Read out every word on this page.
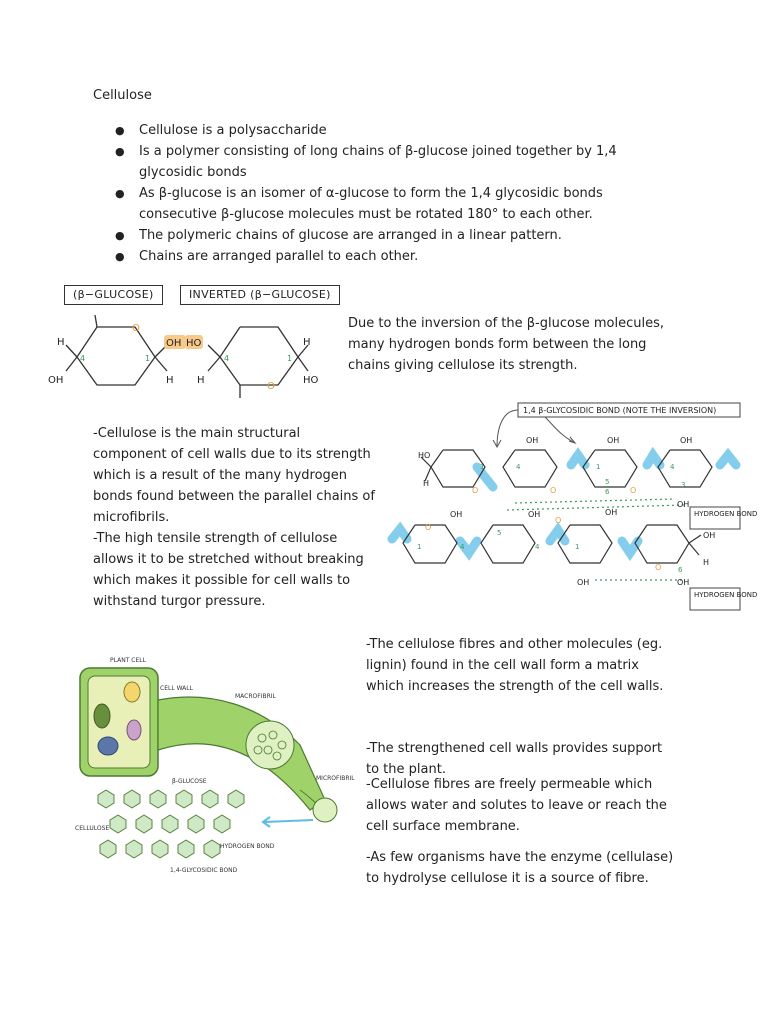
Cellulose
● Cellulose is a polysaccharide
● Is a polymer consisting of long chains of β-glucose joined together by 1,4 glycosidic bonds
● As β-glucose is an isomer of α-glucose to form the 1,4 glycosidic bonds consecutive β-glucose molecules must be rotated 180° to each other.
● The polymeric chains of glucose are arranged in a linear pattern.
● Chains are arranged parallel to each other.
(β−GLUCOSE)	INVERTED (β−GLUCOSE)
O
H
OH
4	1
OH HO
H H
4	1
O
H
HO
Due to the inversion of the β-glucose molecules, many hydrogen bonds form between the long chains giving cellulose its strength.
-Cellulose is the main structural component of cell walls due to its strength which is a result of the many hydrogen bonds found between the parallel chains of microfibrils.
-The high tensile strength of cellulose allows it to be stretched without breaking which makes it possible for cell walls to withstand turgor pressure.
1,4 β-GLYCOSIDIC BOND (NOTE THE INVERSION)
HO
H
OH	OH	OH
OH
OH
OH	OH
OH
H
OH	OH
1	4	1	4
5
6
3
1	4	4	1
5
6
O	O	O
O
O
O
HYDROGEN BOND
HYDROGEN BOND
-The cellulose fibres and other molecules (eg. lignin) found in the cell wall form a matrix which increases the strength of the cell walls.
PLANT CELL
CELL WALL
MACROFIBRIL
MICROFIBRIL
β-GLUCOSE
CELLULOSE
HYDROGEN BOND
1,4-GLYCOSIDIC BOND
-The strengthened cell walls provides support to the plant.
-Cellulose fibres are freely permeable which allows water and solutes to leave or reach the cell surface membrane.
-As few organisms have the enzyme (cellulase) to hydrolyse cellulose it is a source of fibre.
